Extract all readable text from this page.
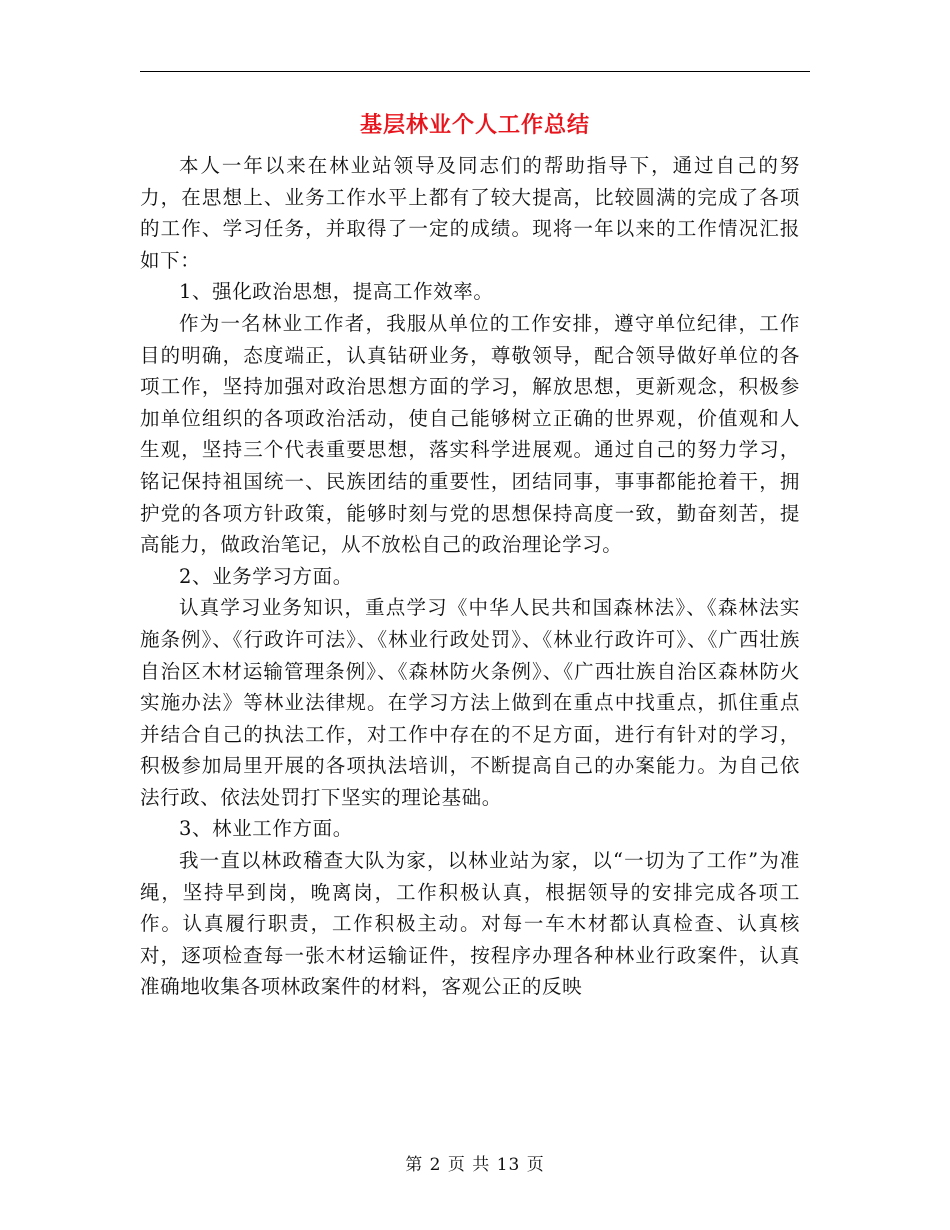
基层林业个人工作总结

本人一年以来在林业站领导及同志们的帮助指导下，通过自己的努力，在思想上、业务工作水平上都有了较大提高，比较圆满的完成了各项的工作、学习任务，并取得了一定的成绩。现将一年以来的工作情况汇报如下：

1、强化政治思想，提高工作效率。

作为一名林业工作者，我服从单位的工作安排，遵守单位纪律，工作目的明确，态度端正，认真钻研业务，尊敬领导，配合领导做好单位的各项工作，坚持加强对政治思想方面的学习，解放思想，更新观念，积极参加单位组织的各项政治活动，使自己能够树立正确的世界观，价值观和人生观，坚持三个代表重要思想，落实科学进展观。通过自己的努力学习，铭记保持祖国统一、民族团结的重要性，团结同事，事事都能抢着干，拥护党的各项方针政策，能够时刻与党的思想保持高度一致，勤奋刻苦，提高能力，做政治笔记，从不放松自己的政治理论学习。

2、业务学习方面。

认真学习业务知识，重点学习《中华人民共和国森林法》、《森林法实施条例》、《行政许可法》、《林业行政处罚》、《林业行政许可》、《广西壮族自治区木材运输管理条例》、《森林防火条例》、《广西壮族自治区森林防火实施办法》等林业法律规。在学习方法上做到在重点中找重点，抓住重点并结合自己的执法工作，对工作中存在的不足方面，进行有针对的学习，积极参加局里开展的各项执法培训，不断提高自己的办案能力。为自己依法行政、依法处罚打下坚实的理论基础。

3、林业工作方面。

我一直以林政稽查大队为家，以林业站为家，以“一切为了工作”为准绳，坚持早到岗，晚离岗，工作积极认真，根据领导的安排完成各项工作。认真履行职责，工作积极主动。对每一车木材都认真检查、认真核对，逐项检查每一张木材运输证件，按程序办理各种林业行政案件，认真准确地收集各项林政案件的材料，客观公正的反映

第 2 页 共 13 页
